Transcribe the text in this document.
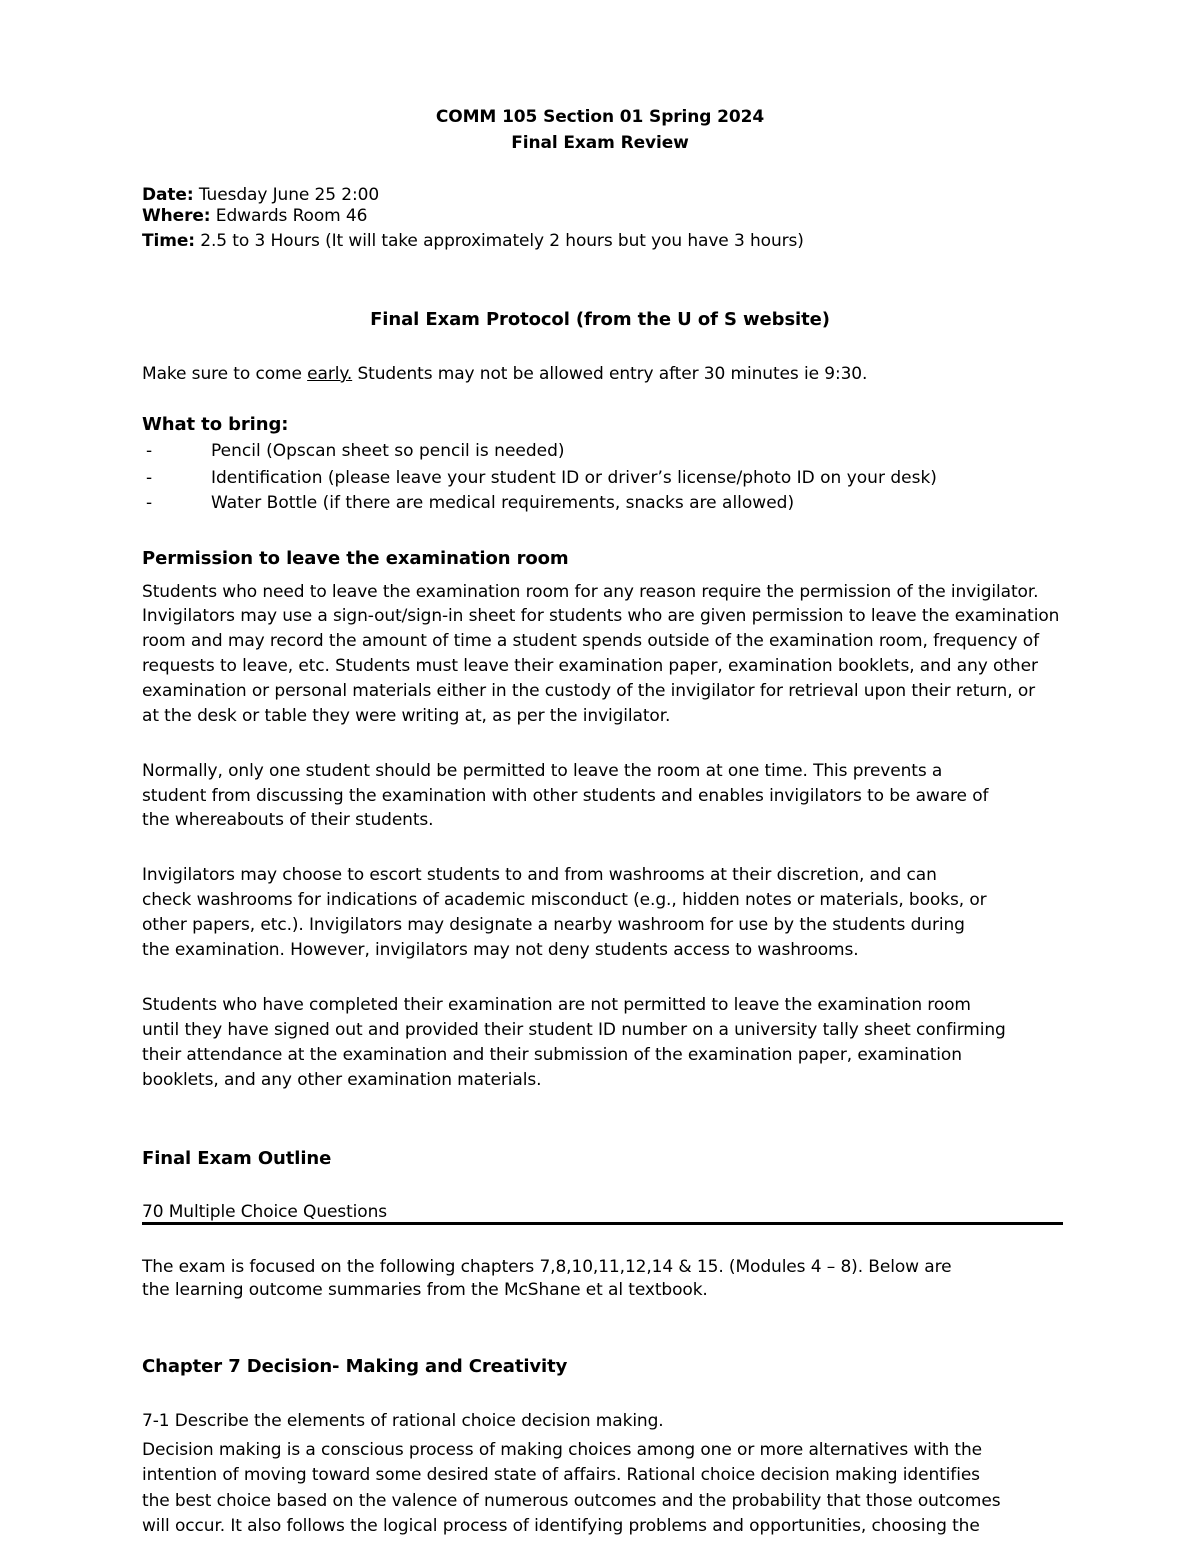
COMM 105 Section 01 Spring 2024
Final Exam Review
Date: Tuesday June 25 2:00
Where: Edwards Room 46
Time: 2.5 to 3 Hours (It will take approximately 2 hours but you have 3 hours)
Final Exam Protocol (from the U of S website)
Make sure to come early. Students may not be allowed entry after 30 minutes ie 9:30.
What to bring:
-	Pencil (Opscan sheet so pencil is needed)
-	Identification (please leave your student ID or driver’s license/photo ID on your desk)
-	Water Bottle (if there are medical requirements, snacks are allowed)
Permission to leave the examination room
Students who need to leave the examination room for any reason require the permission of the invigilator.
Invigilators may use a sign-out/sign-in sheet for students who are given permission to leave the examination
room and may record the amount of time a student spends outside of the examination room, frequency of
requests to leave, etc. Students must leave their examination paper, examination booklets, and any other
examination or personal materials either in the custody of the invigilator for retrieval upon their return, or
at the desk or table they were writing at, as per the invigilator.
Normally, only one student should be permitted to leave the room at one time. This prevents a
student from discussing the examination with other students and enables invigilators to be aware of
the whereabouts of their students.
Invigilators may choose to escort students to and from washrooms at their discretion, and can
check washrooms for indications of academic misconduct (e.g., hidden notes or materials, books, or
other papers, etc.). Invigilators may designate a nearby washroom for use by the students during
the examination. However, invigilators may not deny students access to washrooms.
Students who have completed their examination are not permitted to leave the examination room
until they have signed out and provided their student ID number on a university tally sheet confirming
their attendance at the examination and their submission of the examination paper, examination
booklets, and any other examination materials.
Final Exam Outline
70 Multiple Choice Questions
The exam is focused on the following chapters 7,8,10,11,12,14 & 15. (Modules 4 – 8). Below are
the learning outcome summaries from the McShane et al textbook.
Chapter 7 Decision- Making and Creativity
7-1 Describe the elements of rational choice decision making.
Decision making is a conscious process of making choices among one or more alternatives with the
intention of moving toward some desired state of affairs. Rational choice decision making identifies
the best choice based on the valence of numerous outcomes and the probability that those outcomes
will occur. It also follows the logical process of identifying problems and opportunities, choosing the
